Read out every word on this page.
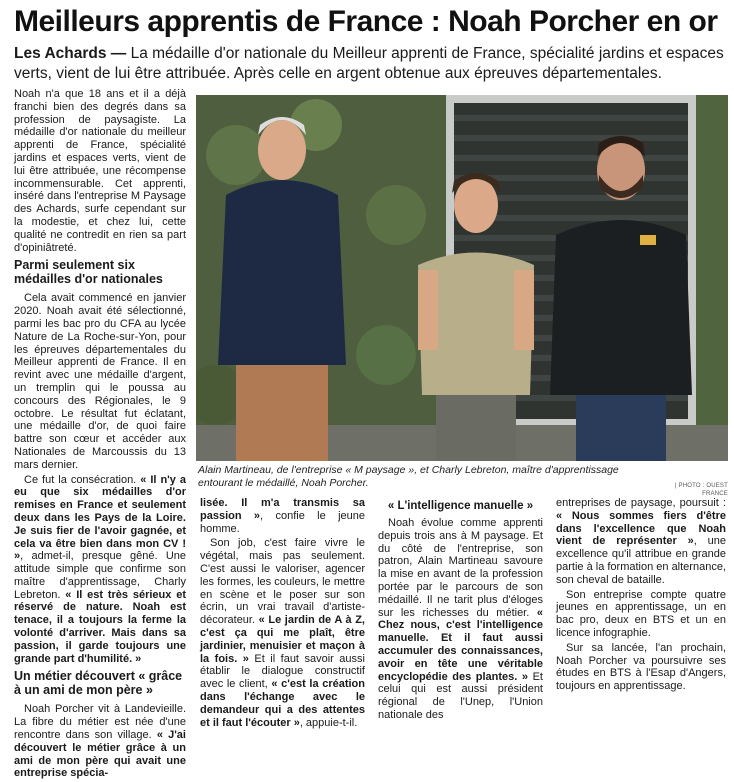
Meilleurs apprentis de France : Noah Porcher en or
Les Achards — La médaille d'or nationale du Meilleur apprenti de France, spécialité jardins et espaces verts, vient de lui être attribuée. Après celle en argent obtenue aux épreuves départementales.

Noah n'a que 18 ans et il a déjà franchi bien des degrés dans sa profession de paysagiste. La médaille d'or nationale du meilleur apprenti de France, spécialité jardins et espaces verts, vient de lui être attribuée, une récompense incommensurable. Cet apprenti, inséré dans l'entreprise M Paysage des Achards, surfe cependant sur la modestie, et chez lui, cette qualité ne contredit en rien sa part d'opiniâtreté.

Parmi seulement six médailles d'or nationales

Cela avait commencé en janvier 2020. Noah avait été sélectionné, parmi les bac pro du CFA au lycée Nature de La Roche-sur-Yon, pour les épreuves départementales du Meilleur apprenti de France. Il en revint avec une médaille d'argent, un tremplin qui le poussa au concours des Régionales, le 9 octobre. Le résultat fut éclatant, une médaille d'or, de quoi faire battre son cœur et accéder aux Nationales de Marcoussis du 13 mars dernier.

Ce fut la consécration. « Il n'y a eu que six médailles d'or remises en France et seulement deux dans les Pays de la Loire. Je suis fier de l'avoir gagnée, et cela va être bien dans mon CV ! », admet-il, presque gêné. Une attitude simple que confirme son maître d'apprentissage, Charly Lebreton. « Il est très sérieux et réservé de nature. Noah est tenace, il a toujours la ferme la volonté d'arriver. Mais dans sa passion, il garde toujours une grande part d'humilité. »

Un métier découvert « grâce à un ami de mon père »

Noah Porcher vit à Landevieille. La fibre du métier est née d'une rencontre dans son village. « J'ai découvert le métier grâce à un ami de mon père qui avait une entreprise spécia-

Alain Martineau, de l'entreprise « M paysage », et Charly Lebreton, maître d'apprentissage entourant le médaillé, Noah Porcher.	| PHOTO : OUEST FRANCE

lisée. Il m'a transmis sa passion », confie le jeune homme.

Son job, c'est faire vivre le végétal, mais pas seulement. C'est aussi le valoriser, agencer les formes, les couleurs, le mettre en scène et le poser sur son écrin, un vrai travail d'artiste-décorateur. « Le jardin de A à Z, c'est ça qui me plaît, être jardinier, menuisier et maçon à la fois. » Et il faut savoir aussi établir le dialogue constructif avec le client, « c'est la création dans l'échange avec le demandeur qui a des attentes et il faut l'écouter », appuie-t-il.

« L'intelligence manuelle »

Noah évolue comme apprenti depuis trois ans à M paysage. Et du côté de l'entreprise, son patron, Alain Martineau savoure la mise en avant de la profession portée par le parcours de son médaillé. Il ne tarit plus d'éloges sur les richesses du métier. « Chez nous, c'est l'intelligence manuelle. Et il faut aussi accumuler des connaissances, avoir en tête une véritable encyclopédie des plantes. » Et celui qui est aussi président régional de l'Unep, l'Union nationale des

entreprises de paysage, poursuit : « Nous sommes fiers d'être dans l'excellence que Noah vient de représenter », une excellence qu'il attribue en grande partie à la formation en alternance, son cheval de bataille.

Son entreprise compte quatre jeunes en apprentissage, un en bac pro, deux en BTS et un en licence infographie.

Sur sa lancée, l'an prochain, Noah Porcher va poursuivre ses études en BTS à l'Esap d'Angers, toujours en apprentissage.
